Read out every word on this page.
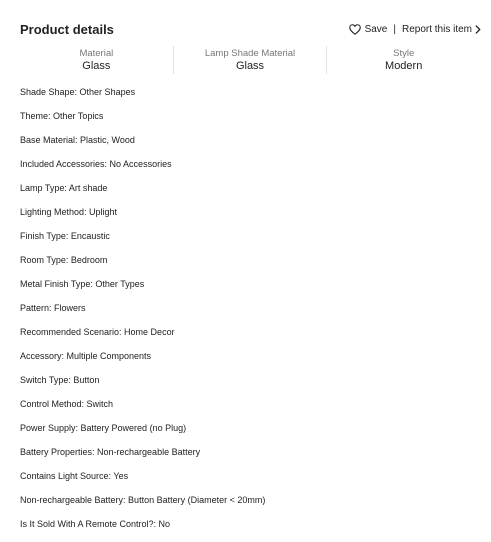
Product details	Save | Report this item
Material
Glass
Lamp Shade Material
Glass
Style
Modern
Shade Shape: Other Shapes
Theme: Other Topics
Base Material: Plastic, Wood
Included Accessories: No Accessories
Lamp Type: Art shade
Lighting Method: Uplight
Finish Type: Encaustic
Room Type: Bedroom
Metal Finish Type: Other Types
Pattern: Flowers
Recommended Scenario: Home Decor
Accessory: Multiple Components
Switch Type: Button
Control Method: Switch
Power Supply: Battery Powered (no Plug)
Battery Properties: Non-rechargeable Battery
Contains Light Source: Yes
Non-rechargeable Battery: Button Battery (Diameter < 20mm)
Is It Sold With A Remote Control?: No
